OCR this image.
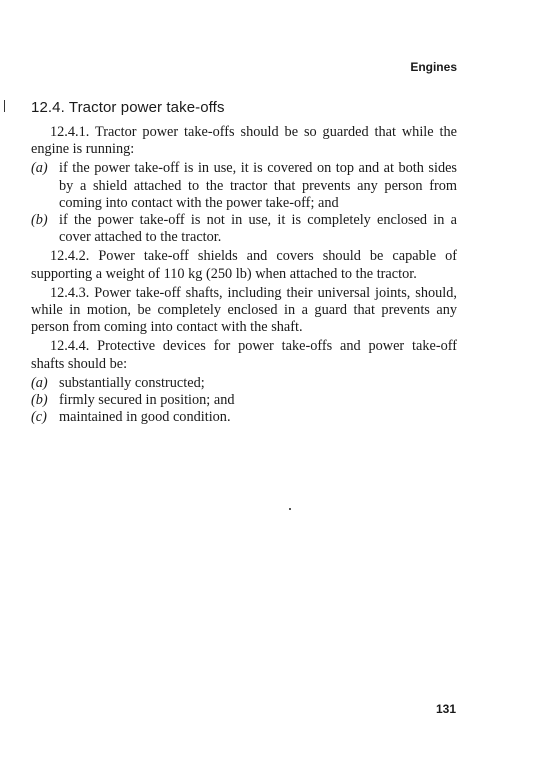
Engines
12.4. Tractor power take-offs

12.4.1. Tractor power take-offs should be so guarded that while the engine is running:

(a) if the power take-off is in use, it is covered on top and at both sides by a shield attached to the tractor that prevents any person from coming into contact with the power take-off; and
(b) if the power take-off is not in use, it is completely enclosed in a cover attached to the tractor.

12.4.2. Power take-off shields and covers should be capable of supporting a weight of 110 kg (250 lb) when attached to the tractor.

12.4.3. Power take-off shafts, including their universal joints, should, while in motion, be completely enclosed in a guard that prevents any person from coming into contact with the shaft.

12.4.4. Protective devices for power take-offs and power take-off shafts should be:

(a) substantially constructed;
(b) firmly secured in position; and
(c) maintained in good condition.
131
